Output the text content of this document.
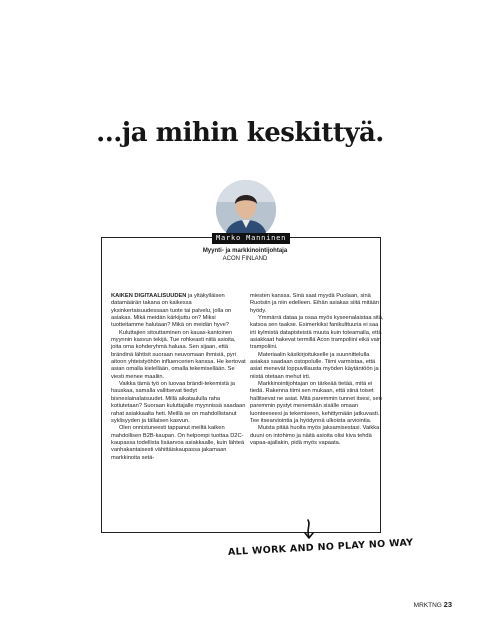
...ja mihin keskittyä.
Marko Manninen
Myynti- ja markkinointijohtaja
ACON FINLAND

KAIKEN DIGITAALISUUDEN ja yltäkylläisen datamäärän takana on kaikessa yksinkertaisuudessaan tuote tai palvelu, jolla on asiakas. Mikä meidän kärkijuttu on? Miksi tuotteitamme halutaan? Mikä on meidän hyve?

Kuluttajien sitouttaminen on kauas-kantoinen myynnin kasvun tekijä. Tue rohkeasti niitä asioita, joita oma kohderyhmä haluaa. Sen sijaan, että brändinä lähtisit suoraan neuvomaan ihmisiä, pyri aitoon yhteistyöhön influencerien kanssa. He kertovat asian omalla kielellään, omalla tekemisellään. Se viesti menee maaliin.

Vaikka tämä työ on luovaa brändi-tekemistä ja hauskaa, samalla vallitsevat tiedyt bisneslainalaisuudet. Millä aikataululla raha kotiutetaan? Suoraan kuluttajalle myynnissä saadaan rahat asiakkaalta heti. Meillä se on mahdollistanut syklisyyden ja tällaisen kasvun.

Olen onnistuneesti tappanut meiltä kaiken mahdollisen B2B-kaupan. On helpompi tuottaa D2C-kaupassa todellista lisäarvoa asiakkaalle, kuin lähteä vanhakantaisesti vähittäiskaupassa jakamaan markkinoita setä-

miesten kanssa. Sinä saat myydä Puolaan, sinä Ruotsiin ja niin edelleen. Eihän asiakas siitä mitään hyödy.

Ymmärrä dataa ja osaa myös kyseenalaistaa sitä, katsoa sen taakse. Esimerkiksi fanikulttuuria ei saa irti kylmistä datapisteistä muuta kuin toteamalla, että asiakkaat hakevat termillä Acon trampoliini eikä vain trampoliini.

Materiaalin käsikirjoitukselle ja suunnittelulla asiakas saadaan ostopolulle. Tiimi varmistaa, että asiat menevät loppuvillausta myöden käytäntöön ja niistä otetaan mehut irti.

Markkinointijohtajan on tärkeää tietää, mitä ei tiedä. Rakenna tiimi sen mukaan, että siinä toiset hallitsevat ne asiat. Mitä paremmin tunnet itsesi, sen paremmin pystyt menemään sisälle omaan luonteeseesi ja tekemiseen, kehittymään jatkuvasti. Tee itsearviointia ja hyödynnä ulkoista arviointia.

Muista pitää huolta myös jaksamisestasi. Vaikka duuni on intohimo ja näitä asioita olisi kiva tehdä vapaa-ajallakin, pidä myös vapaata.

ALL WORK AND NO PLAY NO WAY
MRKTNG 23
